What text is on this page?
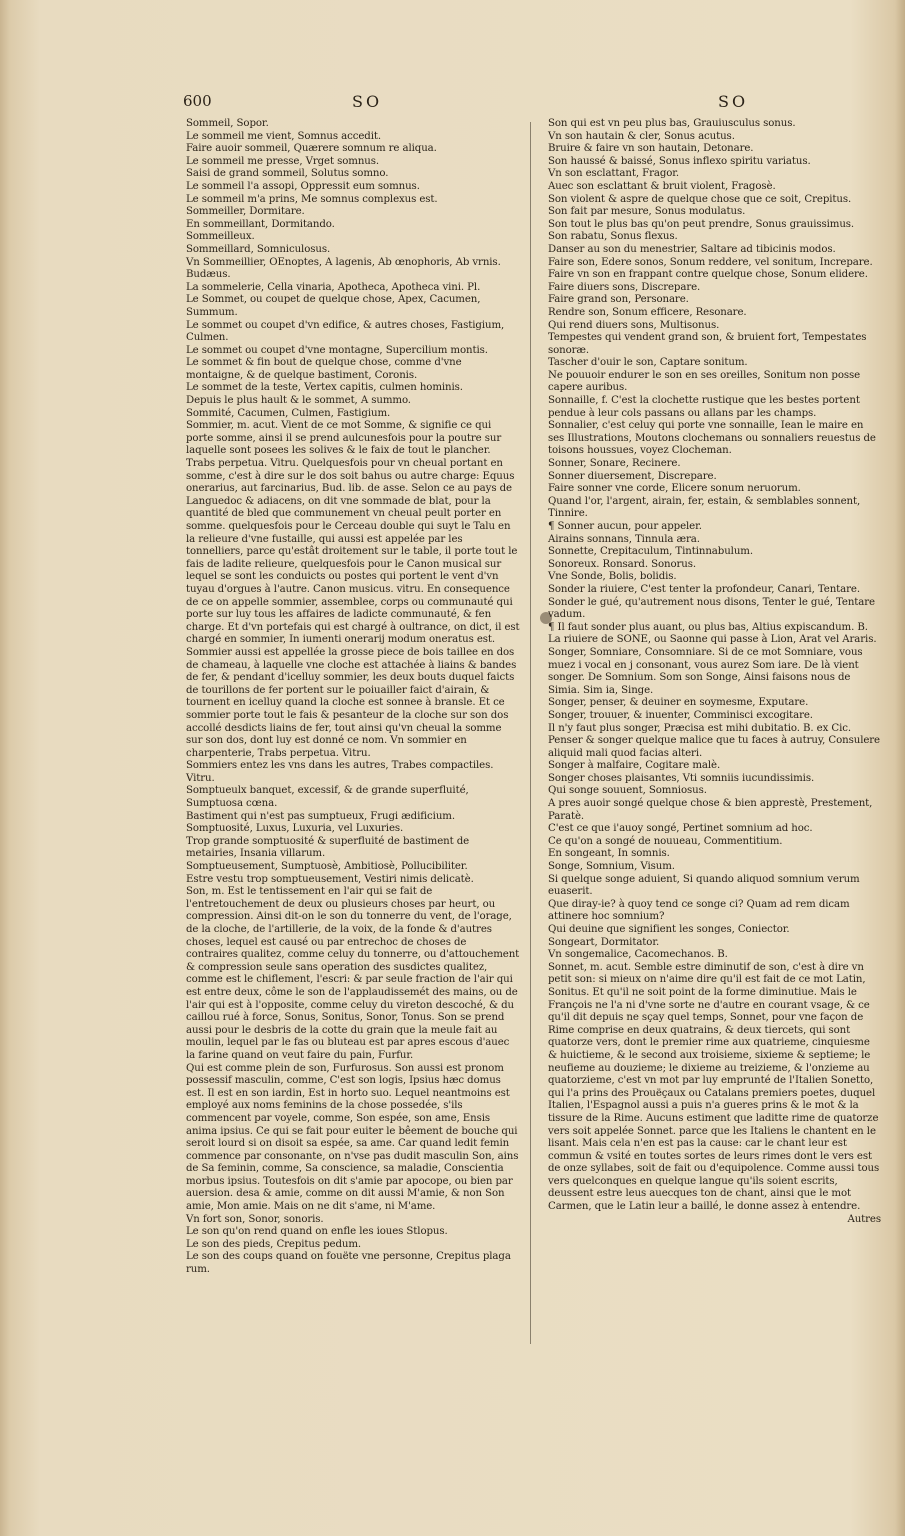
600	SO	SO

Sommeil, Sopor.

Le sommeil me vient, Somnus accedit.

Faire auoir sommeil, Quærere somnum re aliqua.

Le sommeil me presse, Vrget somnus.

Saisi de grand sommeil, Solutus somno.

Le sommeil l'a assopi, Oppressit eum somnus.

Le sommeil m'a prins, Me somnus complexus est.

Sommeiller, Dormitare.

En sommeillant, Dormitando.

Sommeilleux.

Sommeillard, Somniculosus.

Vn Sommeillier, OEnoptes, A lagenis, Ab œnophoris, Ab vrnis. Budæus.

La sommelerie, Cella vinaria, Apotheca, Apotheca vini. Pl.

Le Sommet, ou coupet de quelque chose, Apex, Cacumen, Summum.

Le sommet ou coupet d'vn edifice, & autres choses, Fastigium, Culmen.

Le sommet ou coupet d'vne montagne, Supercilium montis.

Le sommet & fin bout de quelque chose, comme d'vne montaigne, & de quelque bastiment, Coronis.

Le sommet de la teste, Vertex capitis, culmen hominis.

Depuis le plus hault & le sommet, A summo.

Sommité, Cacumen, Culmen, Fastigium.

Sommier, m. acut. Vient de ce mot Somme, & signifie ce qui porte somme, ainsi il se prend aulcunesfois pour la poutre sur laquelle sont posees les solives & le faix de tout le plancher. Trabs perpetua. Vitru. Quelquesfois pour vn cheual portant en somme, c'est à dire sur le dos soit bahus ou autre charge: Equus onerarius, aut farcinarius, Bud. lib. de asse. Selon ce au pays de Languedoc & adiacens, on dit vne sommade de blat, pour la quantité de bled que communement vn cheual peult porter en somme. quelquesfois pour le Cerceau double qui suyt le Talu en la relieure d'vne fustaille, qui aussi est appelée par les tonnelliers, parce qu'estât droitement sur le table, il porte tout le fais de ladite relieure, quelquesfois pour le Canon musical sur lequel se sont les conduicts ou postes qui portent le vent d'vn tuyau d'orgues à l'autre. Canon musicus. vitru. En consequence de ce on appelle sommier, assemblee, corps ou communauté qui porte sur luy tous les affaires de ladicte communauté, & fen charge. Et d'vn portefais qui est chargé à oultrance, on dict, il est chargé en sommier, In iumenti onerarij modum oneratus est. Sommier aussi est appellée la grosse piece de bois taillee en dos de chameau, à laquelle vne cloche est attachée à liains & bandes de fer, & pendant d'icelluy sommier, les deux bouts duquel faicts de tourillons de fer portent sur le poiuailler faict d'airain, & tournent en icelluy quand la cloche est sonnee à bransle. Et ce sommier porte tout le fais & pesanteur de la cloche sur son dos accollé desdicts liains de fer, tout ainsi qu'vn cheual la somme sur son dos, dont luy est donné ce nom. Vn sommier en charpenterie, Trabs perpetua. Vitru.

Sommiers entez les vns dans les autres, Trabes compactiles. Vitru.

Somptueulx banquet, excessif, & de grande superfluité, Sumptuosa cœna.

Bastiment qui n'est pas sumptueux, Frugi ædificium.

Somptuosité, Luxus, Luxuria, vel Luxuries.

Trop grande somptuosité & superfluité de bastiment de metairies, Insania villarum.

Somptueusement, Sumptuosè, Ambitiosè, Pollucibiliter.

Estre vestu trop somptueusement, Vestiri nimis delicatè.

Son, m. Est le tentissement en l'air qui se fait de l'entretouchement de deux ou plusieurs choses par heurt, ou compression. Ainsi dit-on le son du tonnerre du vent, de l'orage, de la cloche, de l'artillerie, de la voix, de la fonde & d'autres choses, lequel est causé ou par entrechoc de choses de contraires qualitez, comme celuy du tonnerre, ou d'attouchement & compression seule sans operation des susdictes qualitez, comme est le chiflement, l'escri: & par seule fraction de l'air qui est entre deux, côme le son de l'applaudissemét des mains, ou de l'air qui est à l'opposite, comme celuy du vireton descoché, & du caillou rué à force, Sonus, Sonitus, Sonor, Tonus. Son se prend aussi pour le desbris de la cotte du grain que la meule fait au moulin, lequel par le fas ou bluteau est par apres escous d'auec la farine quand on veut faire du pain, Furfur.

Qui est comme plein de son, Furfurosus. Son aussi est pronom possessif masculin, comme, C'est son logis, Ipsius hæc domus est. Il est en son iardin, Est in horto suo. Lequel neantmoins est employé aux noms feminins de la chose possedée, s'ils commencent par voyele, comme, Son espée, son ame, Ensis anima ipsius. Ce qui se fait pour euiter le bêement de bouche qui seroit lourd si on disoit sa espée, sa ame. Car quand ledit femin commence par consonante, on n'vse pas dudit masculin Son, ains de Sa feminin, comme, Sa conscience, sa maladie, Conscientia morbus ipsius. Toutesfois on dit s'amie par apocope, ou bien par auersion. desa & amie, comme on dit aussi M'amie, & non Son amie, Mon amie. Mais on ne dit s'ame, ni M'ame.

Vn fort son, Sonor, sonoris.

Le son qu'on rend quand on enfle les ioues Stlopus.

Le son des pieds, Crepitus pedum.

Le son des coups quand on fouëte vne personne, Crepitus plaga rum.

Son qui est vn peu plus bas, Grauiusculus sonus.

Vn son hautain & cler, Sonus acutus.

Bruire & faire vn son hautain, Detonare.

Son haussé & baissé, Sonus inflexo spiritu variatus.

Vn son esclattant, Fragor.

Auec son esclattant & bruit violent, Fragosè.

Son violent & aspre de quelque chose que ce soit, Crepitus.

Son fait par mesure, Sonus modulatus.

Son tout le plus bas qu'on peut prendre, Sonus grauissimus.

Son rabatu, Sonus flexus.

Danser au son du menestrier, Saltare ad tibicinis modos.

Faire son, Edere sonos, Sonum reddere, vel sonitum, Increpare.

Faire vn son en frappant contre quelque chose, Sonum elidere.

Faire diuers sons, Discrepare.

Faire grand son, Personare.

Rendre son, Sonum efficere, Resonare.

Qui rend diuers sons, Multisonus.

Tempestes qui vendent grand son, & bruient fort, Tempestates sonoræ.

Tascher d'ouir le son, Captare sonitum.

Ne pouuoir endurer le son en ses oreilles, Sonitum non posse capere auribus.

Sonnaille, f. C'est la clochette rustique que les bestes portent pendue à leur cols passans ou allans par les champs.

Sonnalier, c'est celuy qui porte vne sonnaille, Iean le maire en ses Illustrations, Moutons clochemans ou sonnaliers reuestus de toisons houssues, voyez Clocheman.

Sonner, Sonare, Recinere.

Sonner diuersement, Discrepare.

Faire sonner vne corde, Elicere sonum neruorum.

Quand l'or, l'argent, airain, fer, estain, & semblables sonnent, Tinnire.

¶ Sonner aucun, pour appeler.

Airains sonnans, Tinnula æra.

Sonnette, Crepitaculum, Tintinnabulum.

Sonoreux. Ronsard. Sonorus.

Vne Sonde, Bolis, bolidis.

Sonder la riuiere, C'est tenter la profondeur, Canari, Tentare.

Sonder le gué, qu'autrement nous disons, Tenter le gué, Tentare vadum.

¶ Il faut sonder plus auant, ou plus bas, Altius expiscandum. B.

La riuiere de SONE, ou Saonne qui passe à Lion, Arat vel Araris.

Songer, Somniare, Consomniare. Si de ce mot Somniare, vous muez i vocal en j consonant, vous aurez Som iare. De là vient songer. De Somnium. Som son Songe, Ainsi faisons nous de Simia. Sim ia, Singe.

Songer, penser, & deuiner en soymesme, Exputare.

Songer, trouuer, & inuenter, Comminisci excogitare.

Il n'y faut plus songer, Præcisa est mihi dubitatio. B. ex Cic.

Penser & songer quelque malice que tu faces à autruy, Consulere aliquid mali quod facias alteri.

Songer à malfaire, Cogitare malè.

Songer choses plaisantes, Vti somniis iucundissimis.

Qui songe souuent, Somniosus.

A pres auoir songé quelque chose & bien apprestè, Prestement, Paratè.

C'est ce que i'auoy songé, Pertinet somnium ad hoc.

Ce qu'on a songé de nouueau, Commentitium.

En songeant, In somnis.

Songe, Somnium, Visum.

Si quelque songe aduient, Si quando aliquod somnium verum euaserit.

Que diray-ie? à quoy tend ce songe ci? Quam ad rem dicam attinere hoc somnium?

Qui deuine que signifient les songes, Coniector.

Songeart, Dormitator.

Vn songemalice, Cacomechanos. B.

Sonnet, m. acut. Semble estre diminutif de son, c'est à dire vn petit son: si mieux on n'aime dire qu'il est fait de ce mot Latin, Sonitus. Et qu'il ne soit point de la forme diminutiue. Mais le François ne l'a ni d'vne sorte ne d'autre en courant vsage, & ce qu'il dit depuis ne sçay quel temps, Sonnet, pour vne façon de Rime comprise en deux quatrains, & deux tiercets, qui sont quatorze vers, dont le premier rime aux quatrieme, cinquiesme & huictieme, & le second aux troisieme, sixieme & septieme; le neufieme au douzieme; le dixieme au treizieme, & l'onzieme au quatorzieme, c'est vn mot par luy emprunté de l'Italien Sonetto, qui l'a prins des Prouëçaux ou Catalans premiers poetes, duquel Italien, l'Espagnol aussi a puis n'a gueres prins & le mot & la tissure de la Rime. Aucuns estiment que laditte rime de quatorze vers soit appelée Sonnet. parce que les Italiens le chantent en le lisant. Mais cela n'en est pas la cause: car le chant leur est commun & vsité en toutes sortes de leurs rimes dont le vers est de onze syllabes, soit de fait ou d'equipolence. Comme aussi tous vers quelconques en quelque langue qu'ils soient escrits, deussent estre leus auecques ton de chant, ainsi que le mot Carmen, que le Latin leur a baillé, le donne assez à entendre.

Autres
